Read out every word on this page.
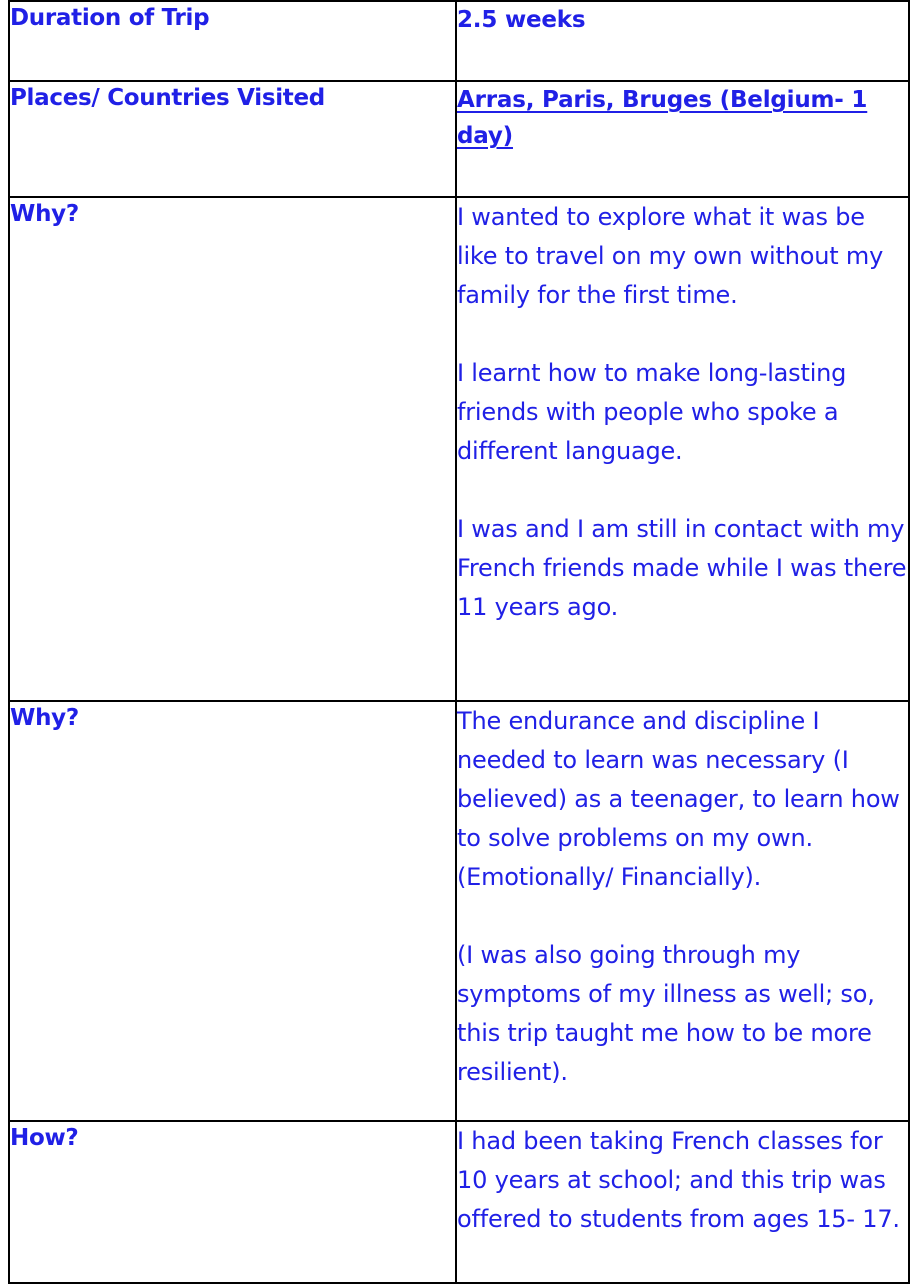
Duration of Trip	2.5 weeks

Places/ Countries Visited	Arras, Paris, Bruges (Belgium- 1 day)

Why?	I wanted to explore what it was be like to travel on my own without my family for the first time.

I learnt how to make long-lasting friends with people who spoke a different language.

I was and I am still in contact with my French friends made while I was there 11 years ago.

Why?	The endurance and discipline I needed to learn was necessary (I believed) as a teenager, to learn how to solve problems on my own. (Emotionally/ Financially).

(I was also going through my symptoms of my illness as well; so, this trip taught me how to be more resilient).

How?	I had been taking French classes for 10 years at school; and this trip was offered to students from ages 15- 17.
